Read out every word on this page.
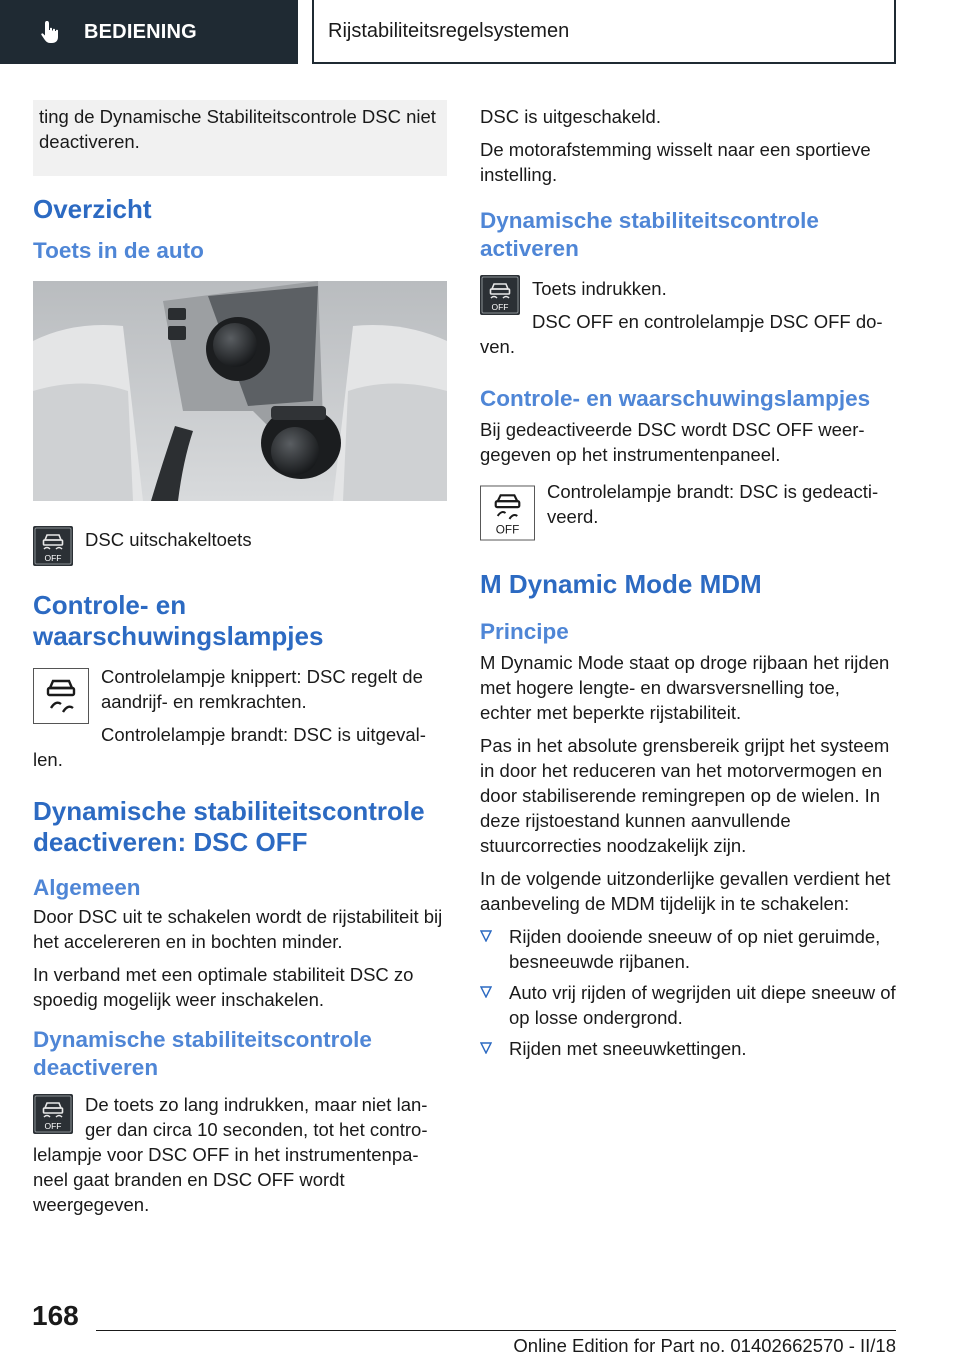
BEDIENING	Rijstabiliteitsregelsystemen
ting de Dynamische Stabiliteitscontrole DSC niet deactiveren.
Overzicht
Toets in de auto
OFF

DSC uitschakeltoets

Controle- en waarschuwingslampjes

Controlelampje knippert: DSC regelt de aandrijf- en remkrachten.

Controlelampje brandt: DSC is uitgevallen.

Dynamische stabiliteitscontrole deactiveren: DSC OFF
Algemeen

Door DSC uit te schakelen wordt de rijstabiliteit bij het accelereren en in bochten minder.

In verband met een optimale stabiliteit DSC zo spoedig mogelijk weer inschakelen.

Dynamische stabiliteitscontrole deactiveren
OFF

De toets zo lang indrukken, maar niet langer dan circa 10 seconden, tot het controlelampje voor DSC OFF in het instrumentenpaneel gaat branden en DSC OFF wordt weergegeven.

DSC is uitgeschakeld.

De motorafstemming wisselt naar een sportieve instelling.

Dynamische stabiliteitscontrole activeren
OFF

Toets indrukken.

DSC OFF en controlelampje DSC OFF doven.

Controle- en waarschuwingslampjes

Bij gedeactiveerde DSC wordt DSC OFF weergegeven op het instrumentenpaneel.

OFF

Controlelampje brandt: DSC is gedeactiveerd.

M Dynamic Mode MDM
Principe

M Dynamic Mode staat op droge rijbaan het rijden met hogere lengte- en dwarsversnelling toe, echter met beperkte rijstabiliteit.

Pas in het absolute grensbereik grijpt het systeem in door het reduceren van het motorvermogen en door stabiliserende remingrepen op de wielen. In deze rijstoestand kunnen aanvullende stuurcorrecties noodzakelijk zijn.

In de volgende uitzonderlijke gevallen verdient het aanbeveling de MDM tijdelijk in te schakelen:

Rijden dooiende sneeuw of op niet geruimde, besneeuwde rijbanen.
Auto vrij rijden of wegrijden uit diepe sneeuw of op losse ondergrond.
Rijden met sneeuwkettingen.
168
Online Edition for Part no. 01402662570 - II/18
